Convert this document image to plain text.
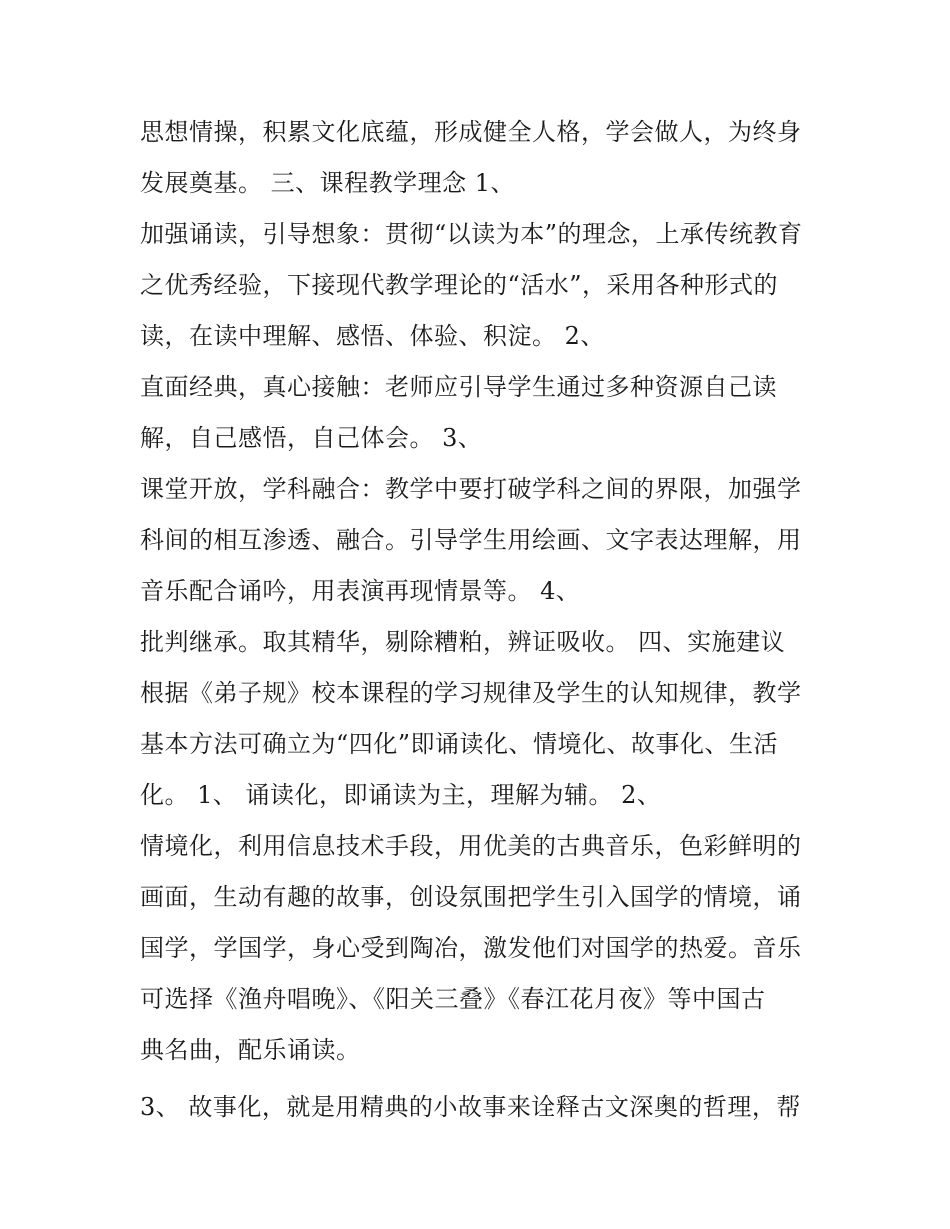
思想情操，积累文化底蕴，形成健全人格，学会做人，为终身
发展奠基。 三、课程教学理念 1、
加强诵读，引导想象：贯彻“以读为本”的理念，上承传统教育
之优秀经验，下接现代教学理论的“活水”，采用各种形式的
读，在读中理解、感悟、体验、积淀。 2、
直面经典，真心接触：老师应引导学生通过多种资源自己读
解，自己感悟，自己体会。 3、
课堂开放，学科融合：教学中要打破学科之间的界限，加强学
科间的相互渗透、融合。引导学生用绘画、文字表达理解，用
音乐配合诵吟，用表演再现情景等。 4、
批判继承。取其精华，剔除糟粕，辨证吸收。 四、实施建议
根据《弟子规》校本课程的学习规律及学生的认知规律，教学
基本方法可确立为“四化”即诵读化、情境化、故事化、生活
化。 1、 诵读化，即诵读为主，理解为辅。 2、
情境化，利用信息技术手段，用优美的古典音乐，色彩鲜明的
画面，生动有趣的故事，创设氛围把学生引入国学的情境，诵
国学，学国学，身心受到陶冶，激发他们对国学的热爱。音乐
可选择《渔舟唱晚》、《阳关三叠》《春江花月夜》等中国古
典名曲，配乐诵读。
3、 故事化，就是用精典的小故事来诠释古文深奥的哲理，帮
